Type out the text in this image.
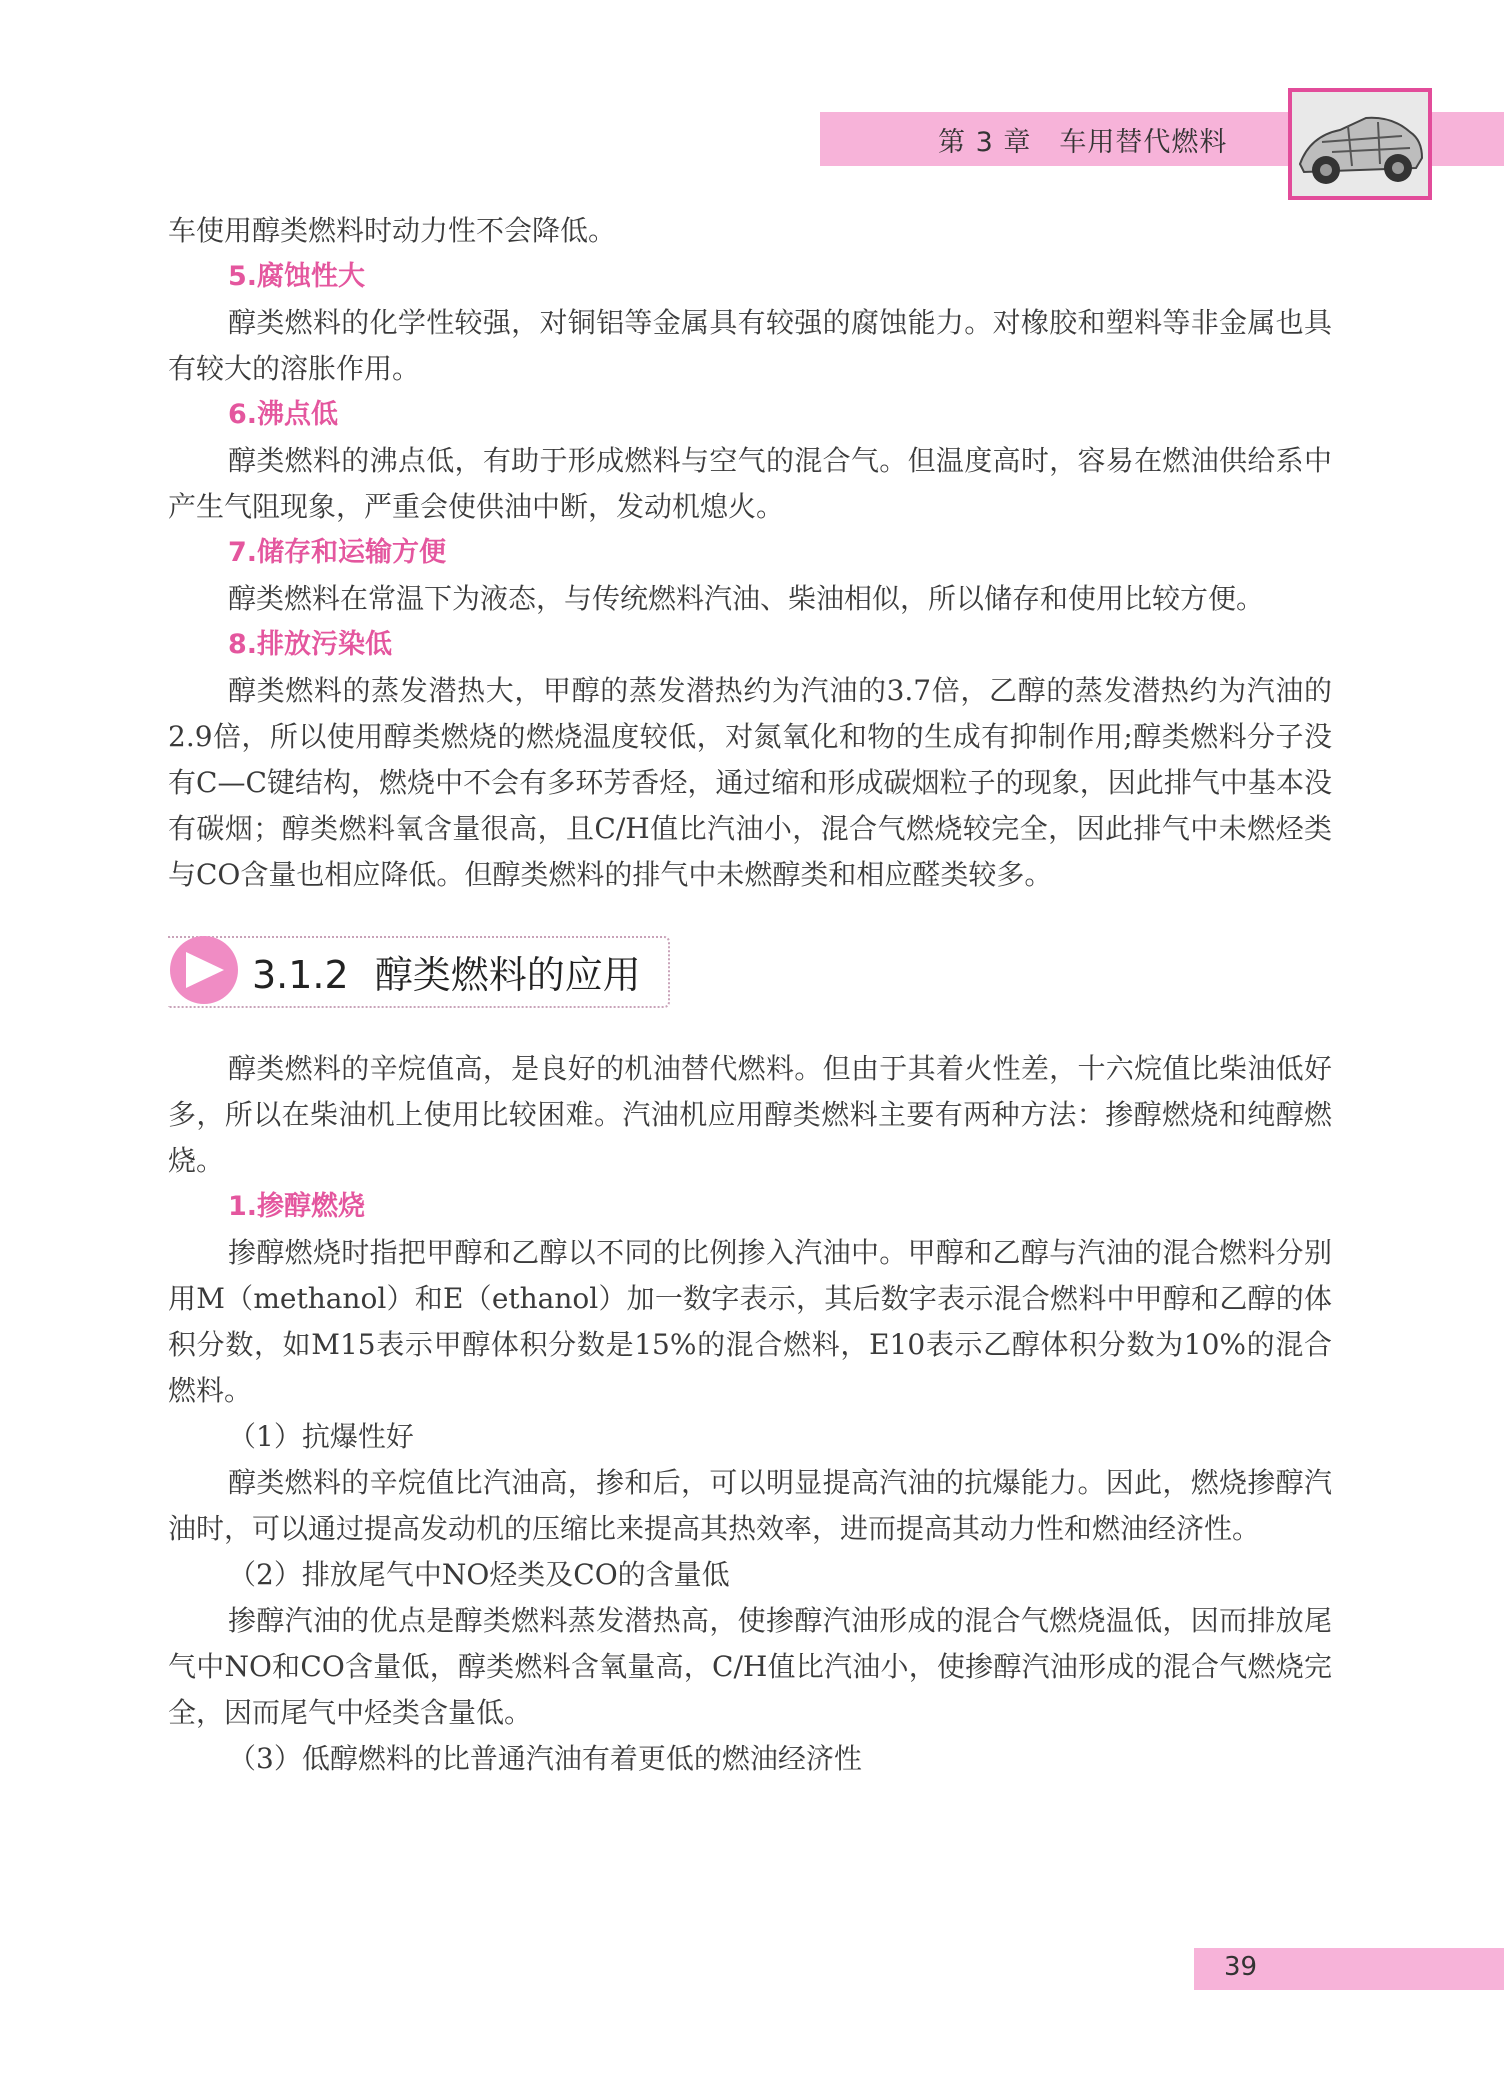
第 3 章 车用替代燃料

车使用醇类燃料时动力性不会降低。

5.腐蚀性大

醇类燃料的化学性较强，对铜铝等金属具有较强的腐蚀能力。对橡胶和塑料等非金属也具有较大的溶胀作用。

6.沸点低

醇类燃料的沸点低，有助于形成燃料与空气的混合气。但温度高时，容易在燃油供给系中产生气阻现象，严重会使供油中断，发动机熄火。

7.储存和运输方便

醇类燃料在常温下为液态，与传统燃料汽油、柴油相似，所以储存和使用比较方便。

8.排放污染低

醇类燃料的蒸发潜热大，甲醇的蒸发潜热约为汽油的3.7倍，乙醇的蒸发潜热约为汽油的2.9倍，所以使用醇类燃烧的燃烧温度较低，对氮氧化和物的生成有抑制作用;醇类燃料分子没有C—C键结构，燃烧中不会有多环芳香烃，通过缩和形成碳烟粒子的现象，因此排气中基本没有碳烟；醇类燃料氧含量很高，且C/H值比汽油小，混合气燃烧较完全，因此排气中未燃烃类与CO含量也相应降低。但醇类燃料的排气中未燃醇类和相应醛类较多。

3.1.2 醇类燃料的应用

醇类燃料的辛烷值高，是良好的机油替代燃料。但由于其着火性差，十六烷值比柴油低好多，所以在柴油机上使用比较困难。汽油机应用醇类燃料主要有两种方法：掺醇燃烧和纯醇燃烧。

1.掺醇燃烧

掺醇燃烧时指把甲醇和乙醇以不同的比例掺入汽油中。甲醇和乙醇与汽油的混合燃料分别用M（methanol）和E（ethanol）加一数字表示，其后数字表示混合燃料中甲醇和乙醇的体积分数，如M15表示甲醇体积分数是15%的混合燃料，E10表示乙醇体积分数为10%的混合燃料。

（1）抗爆性好

醇类燃料的辛烷值比汽油高，掺和后，可以明显提高汽油的抗爆能力。因此，燃烧掺醇汽油时，可以通过提高发动机的压缩比来提高其热效率，进而提高其动力性和燃油经济性。

（2）排放尾气中NO烃类及CO的含量低

掺醇汽油的优点是醇类燃料蒸发潜热高，使掺醇汽油形成的混合气燃烧温低，因而排放尾气中NO和CO含量低，醇类燃料含氧量高，C/H值比汽油小，使掺醇汽油形成的混合气燃烧完全，因而尾气中烃类含量低。

（3）低醇燃料的比普通汽油有着更低的燃油经济性

39
